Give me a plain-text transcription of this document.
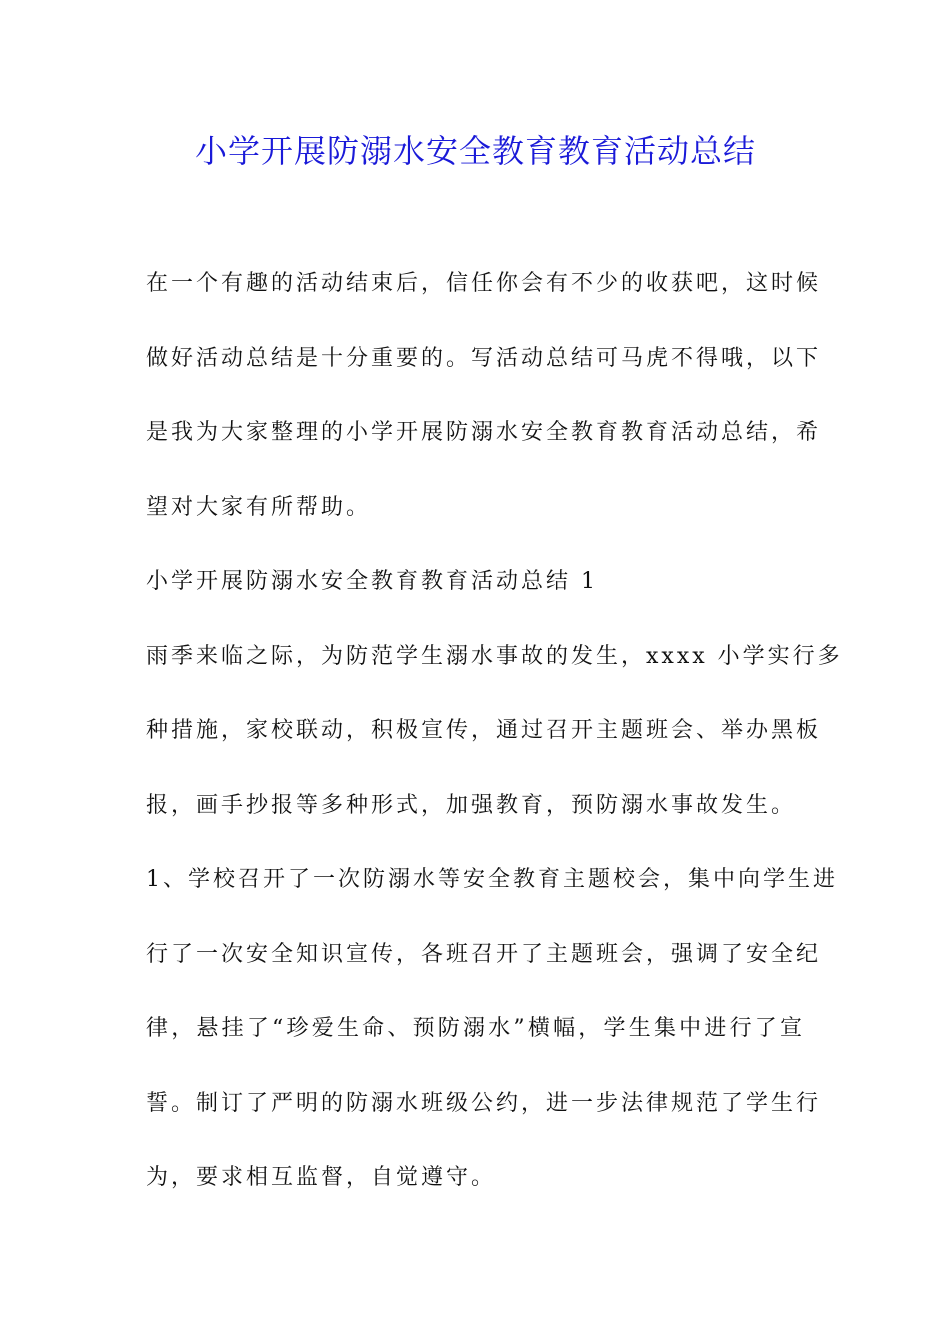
小学开展防溺水安全教育教育活动总结
在一个有趣的活动结束后，信任你会有不少的收获吧，这时候
做好活动总结是十分重要的。写活动总结可马虎不得哦，以下
是我为大家整理的小学开展防溺水安全教育教育活动总结，希
望对大家有所帮助。
小学开展防溺水安全教育教育活动总结 1
雨季来临之际，为防范学生溺水事故的发生，xxxx 小学实行多
种措施，家校联动，积极宣传，通过召开主题班会、举办黑板
报，画手抄报等多种形式，加强教育，预防溺水事故发生。
1、学校召开了一次防溺水等安全教育主题校会，集中向学生进
行了一次安全知识宣传，各班召开了主题班会，强调了安全纪
律，悬挂了“珍爱生命、预防溺水”横幅，学生集中进行了宣
誓。制订了严明的防溺水班级公约，进一步法律规范了学生行
为，要求相互监督，自觉遵守。
